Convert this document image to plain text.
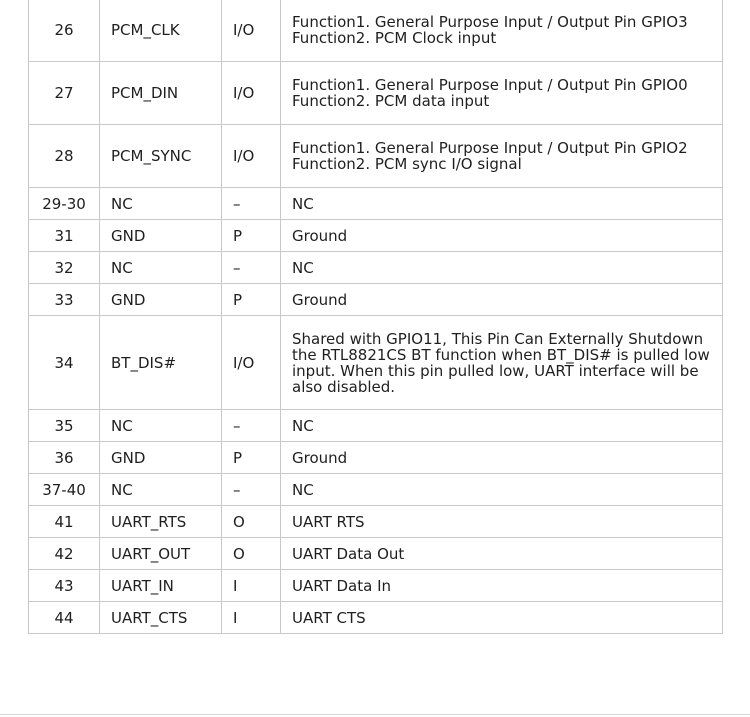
26	PCM_CLK	I/O	Function1. General Purpose Input / Output Pin GPIO3
Function2. PCM Clock input

27	PCM_DIN	I/O	Function1. General Purpose Input / Output Pin GPIO0
Function2. PCM data input

28	PCM_SYNC	I/O	Function1. General Purpose Input / Output Pin GPIO2
Function2. PCM sync I/O signal

29-30	NC	–	NC

31	GND	P	Ground

32	NC	–	NC

33	GND	P	Ground

34	BT_DIS#	I/O	Shared with GPIO11, This Pin Can Externally Shutdown
the RTL8821CS BT function when BT_DIS# is pulled low
input. When this pin pulled low, UART interface will be
also disabled.

35	NC	–	NC

36	GND	P	Ground

37-40	NC	–	NC

41	UART_RTS	O	UART RTS

42	UART_OUT	O	UART Data Out

43	UART_IN	I	UART Data In

44	UART_CTS	I	UART CTS
